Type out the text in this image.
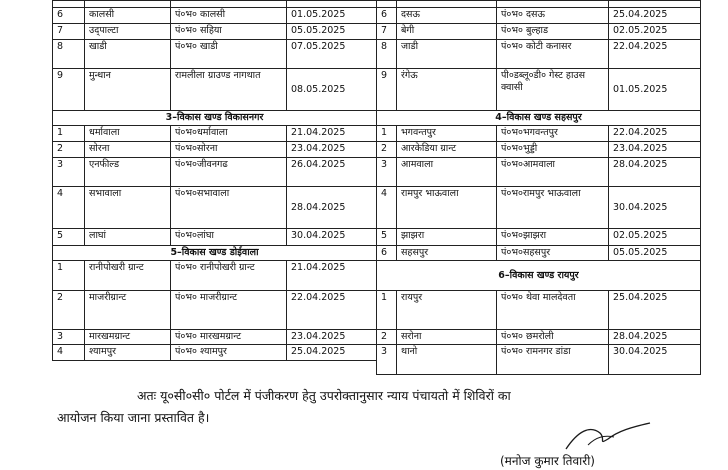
6	कालसी	पं०भ० कालसी	01.05.2025
7	उद्‌पाल्टा	पं०भ० सहिया	05.05.2025
8	खाडी	पं०भ० खाडी	07.05.2025
9	मुन्धान	रामलीला ग्राउण्ड नागथात	08.05.2025
3–विकास खण्ड विकासनगर			
1	धर्मावाला	पं०भ०धर्मावाला	21.04.2025
2	सोरना	पं०भ०सोरना	23.04.2025
3	एनफील्ड	पं०भ०जीवनगढ	26.04.2025
4	सभावाला	पं०भ०सभावाला	28.04.2025
5	लाघां	पं०भ०लांघा	30.04.2025
5–विकास खण्ड डोईवाला			
1	रानीपोखरी ग्रान्ट	पं०भ० रानीपोखरी ग्रान्ट	21.04.2025
2	माजरीग्रान्ट	पं०भ० माजरीग्रान्ट	22.04.2025
3	मारखमग्रान्ट	पं०भ० मारखमग्रान्ट	23.04.2025
4	श्यामपुर	पं०भ० श्यामपुर	25.04.2025

6	दसऊ	पं०भ० दसऊ	25.04.2025
7	बेगी	पं०भ० बुल्हाड	02.05.2025
8	जाडी	पं०भ० कोटी कनासर	22.04.2025
9	रंगेऊ	पी०डब्लू०डी० गेस्ट हाउस क्वासी	01.05.2025
4–विकास खण्ड सहसपुर			
1	भगवन्तपुर	पं०भ०भगवन्तपुर	22.04.2025
2	आरकेडिया ग्रान्ट	पं०भ०भुड्डी	23.04.2025
3	आमवाला	पं०भ०आमवाला	28.04.2025
4	रामपुर भाऊवाला	पं०भ०रामपुर भाऊवाला	30.04.2025
5	झाझरा	पं०भ०झाझरा	02.05.2025
6	सहसपुर	पं०भ०सहसपुर	05.05.2025
6–विकास खण्ड रायपुर			
1	रायपुर	पं०भ० थेवा मालदेवता	25.04.2025
2	सरोना	पं०भ० छमरोली	28.04.2025
3	थानो	पं०भ० रामनगर डांडा	30.04.2025
अतः यू०सी०सी० पोर्टल में पंजीकरण हेतु उपरोक्तानुसार न्याय पंचायतो में शिविरों का
आयोजन किया जाना प्रस्तावित है।
(मनोज कुमार तिवारी)
